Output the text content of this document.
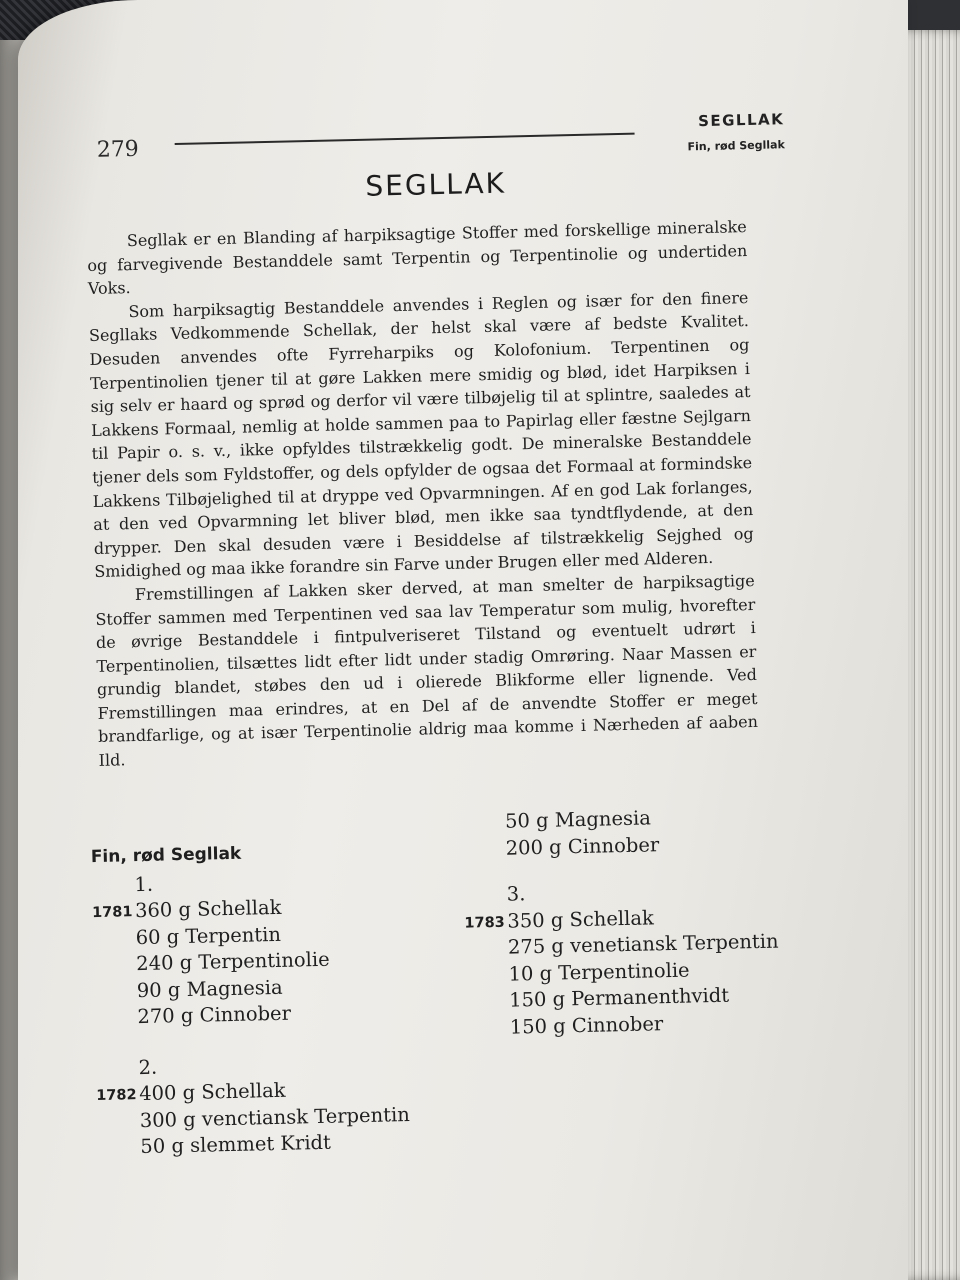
279
SEGLLAK
Fin, rød Segllak
SEGLLAK

Segllak er en Blanding af harpiksagtige Stoffer med forskellige mineralske og farvegivende Bestanddele samt Terpentin og Terpentinolie og undertiden Voks.

Som harpiksagtig Bestanddele anvendes i Reglen og især for den finere Segllaks Vedkommende Schellak, der helst skal være af bedste Kvalitet. Desuden anvendes ofte Fyrreharpiks og Kolofonium. Terpentinen og Terpentinolien tjener til at gøre Lakken mere smidig og blød, idet Harpiksen i sig selv er haard og sprød og derfor vil være tilbøjelig til at splintre, saaledes at Lakkens Formaal, nemlig at holde sammen paa to Papirlag eller fæstne Sejlgarn til Papir o. s. v., ikke opfyldes tilstrækkelig godt. De mineralske Bestanddele tjener dels som Fyldstoffer, og dels opfylder de ogsaa det Formaal at formindske Lakkens Tilbøjelighed til at dryppe ved Opvarmningen. Af en god Lak forlanges, at den ved Opvarmning let bliver blød, men ikke saa tyndtflydende, at den drypper. Den skal desuden være i Besiddelse af tilstrækkelig Sejghed og Smidighed og maa ikke forandre sin Farve under Brugen eller med Alderen.

Fremstillingen af Lakken sker derved, at man smelter de harpiksagtige Stoffer sammen med Terpentinen ved saa lav Temperatur som mulig, hvorefter de øvrige Bestanddele i fintpulveriseret Tilstand og eventuelt udrørt i Terpentinolien, tilsættes lidt efter lidt under stadig Omrøring. Naar Massen er grundig blandet, støbes den ud i olierede Blikforme eller lignende. Ved Fremstillingen maa erindres, at en Del af de anvendte Stoffer er meget brandfarlige, og at især Terpentinolie aldrig maa komme i Nærheden af aaben Ild.

Fin, rød Segllak
1.
1781 360 g Schellak
60 g Terpentin
240 g Terpentinolie
90 g Magnesia
270 g Cinnober
2.
1782 400 g Schellak
300 g venctiansk Terpentin
50 g slemmet Kridt
50 g Magnesia
200 g Cinnober
3.
1783 350 g Schellak
275 g venetiansk Terpentin
10 g Terpentinolie
150 g Permanenthvidt
150 g Cinnober
